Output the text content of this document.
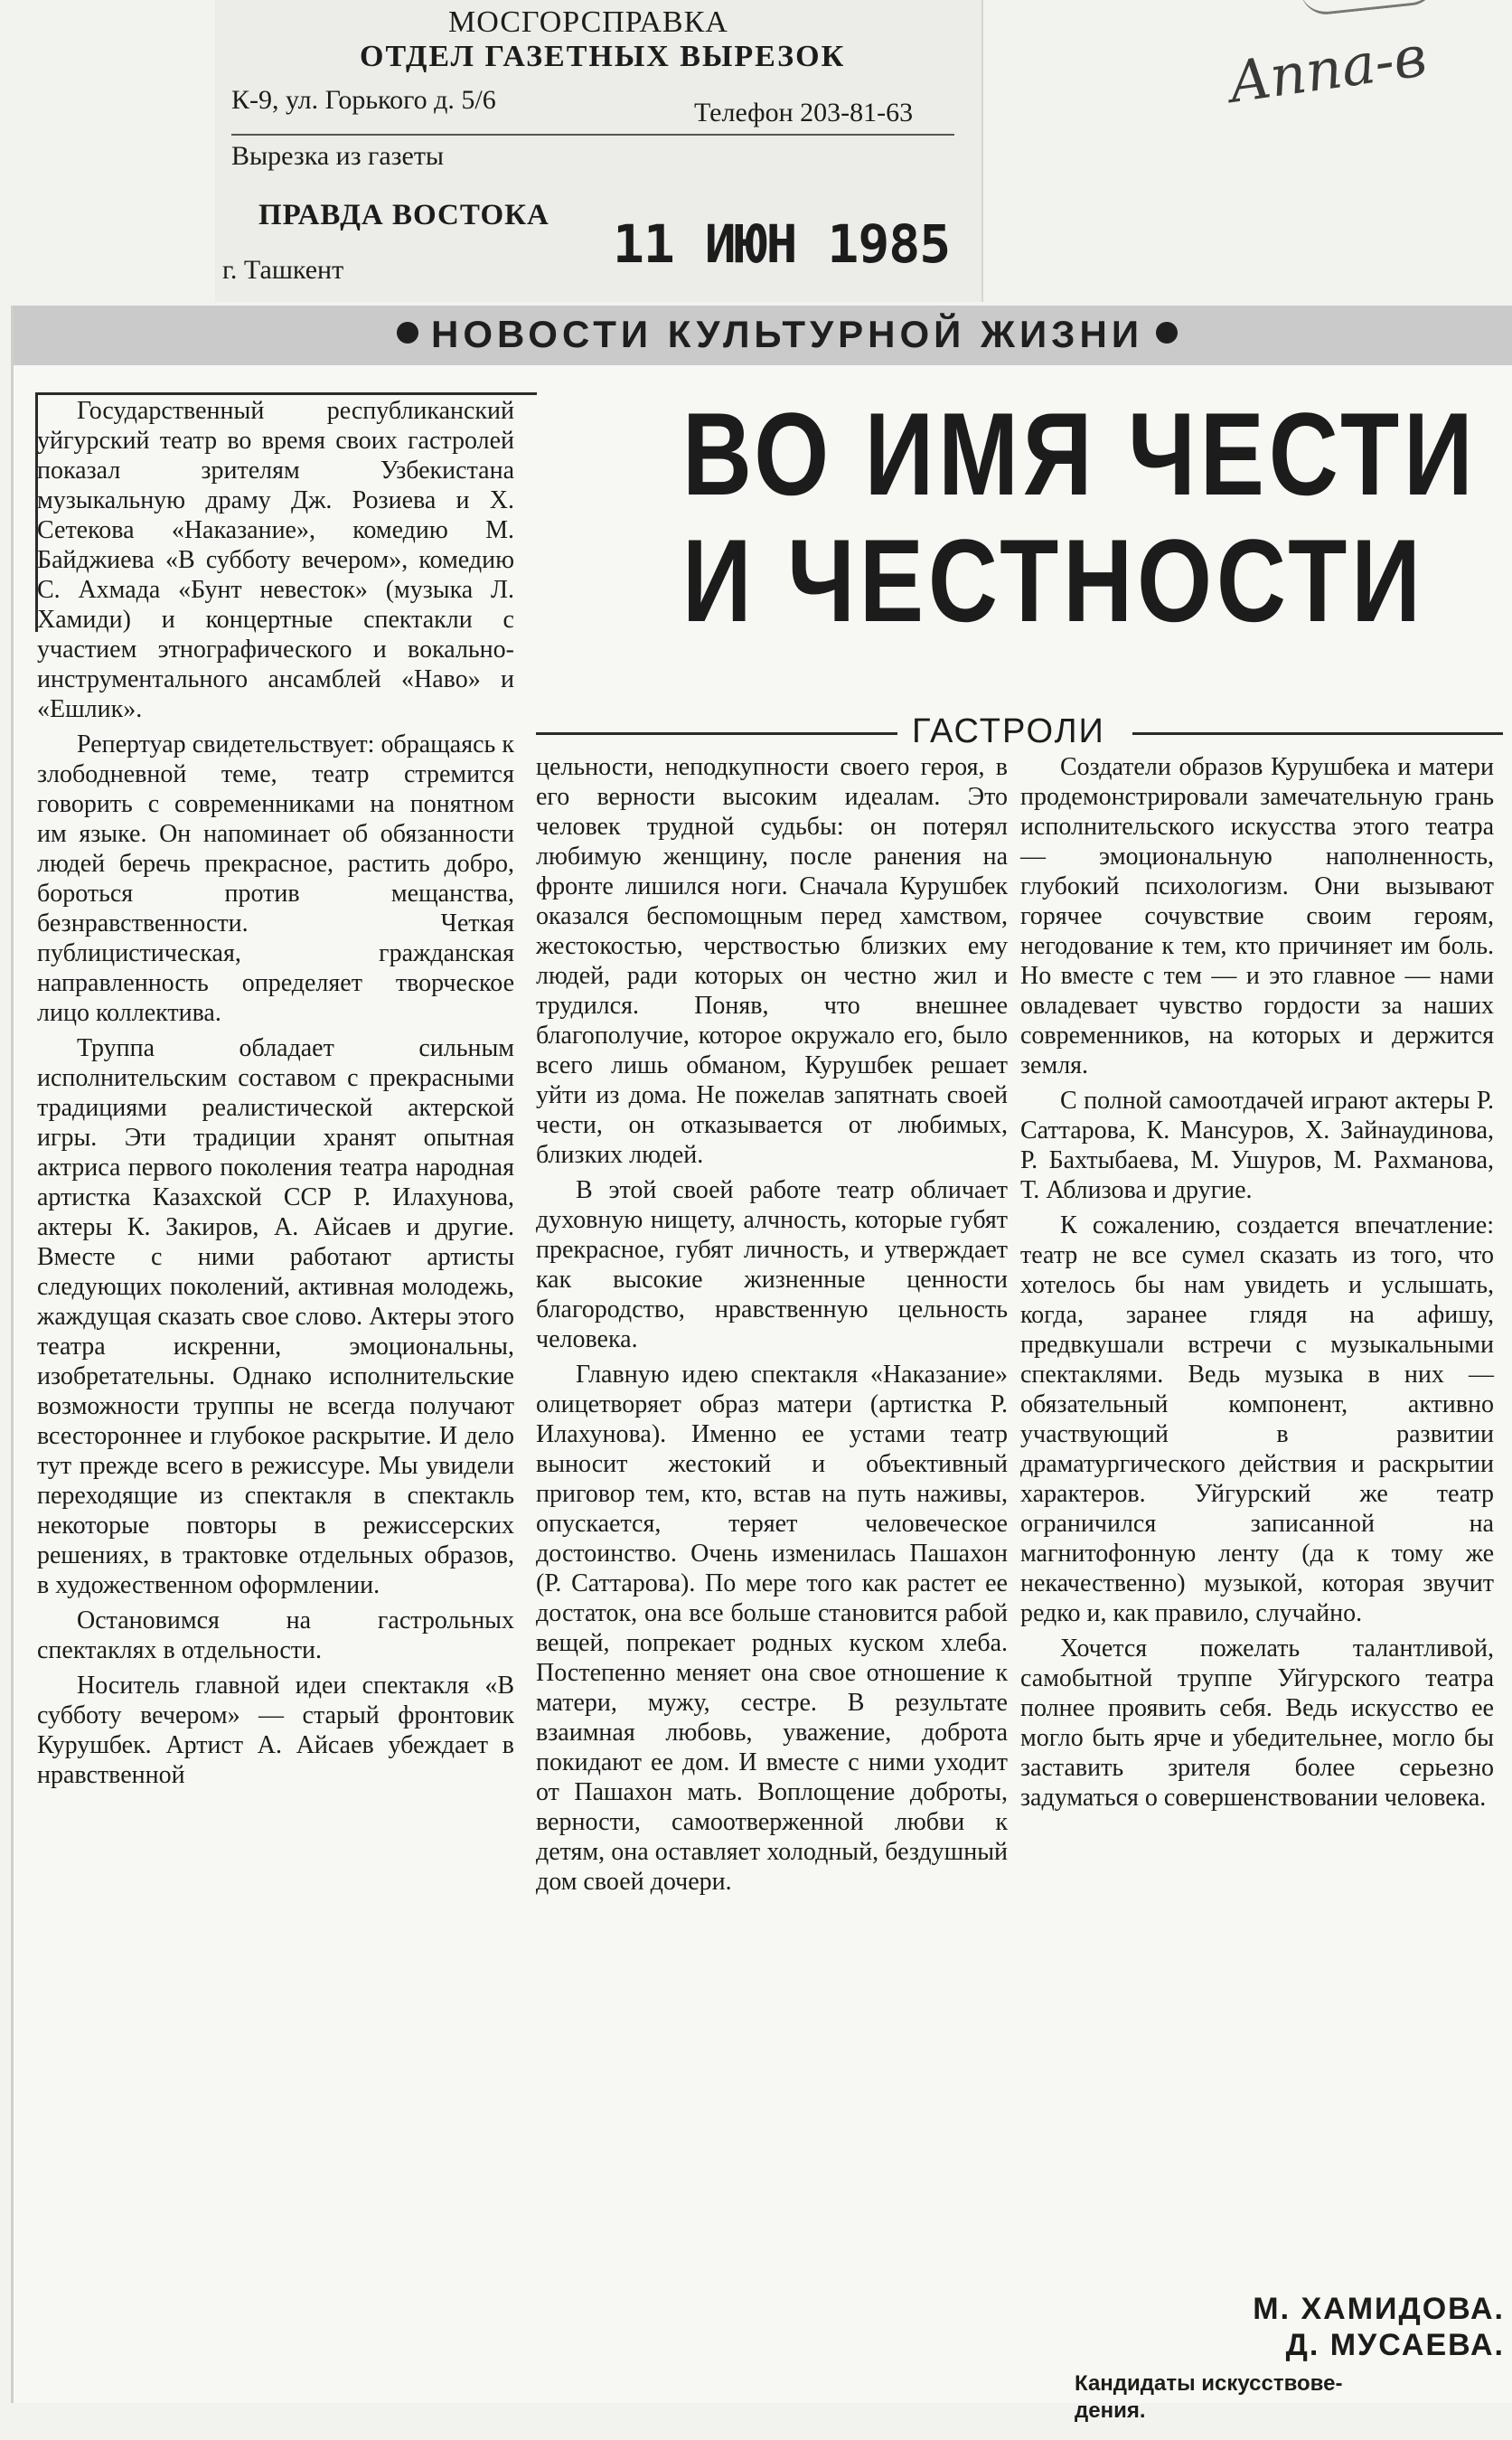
МОСГОРСПРАВКА
ОТДЕЛ ГАЗЕТНЫХ ВЫРЕЗОК
К-9, ул. Горького д. 5/6	Телефон 203-81-63
Вырезка из газеты
ПРАВДА ВОСТОКА 11 ИЮН 1985
г. Ташкент
Anna-в
НОВОСТИ КУЛЬТУРНОЙ ЖИЗНИ
ВО ИМЯ ЧЕСТИ
И ЧЕСТНОСТИ
ГАСТРОЛИ

Государственный республиканский уйгурский театр во время своих гастролей показал зрителям Узбекистана музыкальную драму Дж. Розиева и Х. Сетекова «Наказание», комедию М. Байджиева «В субботу вечером», комедию С. Ахмада «Бунт невесток» (музыка Л. Хамиди) и концертные спектакли с участием этнографического и вокально-инструментального ансамблей «Наво» и «Ешлик».

Репертуар свидетельствует: обращаясь к злободневной теме, театр стремится говорить с современниками на понятном им языке. Он напоминает об обязанности людей беречь прекрасное, растить добро, бороться против мещанства, безнравственности. Четкая публицистическая, гражданская направленность определяет творческое лицо коллектива.

Труппа обладает сильным исполнительским составом с прекрасными традициями реалистической актерской игры. Эти традиции хранят опытная актриса первого поколения театра народная артистка Казахской ССР Р. Илахунова, актеры К. Закиров, А. Айсаев и другие. Вместе с ними работают артисты следующих поколений, активная молодежь, жаждущая сказать свое слово. Актеры этого театра искренни, эмоциональны, изобретательны. Однако исполнительские возможности труппы не всегда получают всестороннее и глубокое раскрытие. И дело тут прежде всего в режиссуре. Мы увидели переходящие из спектакля в спектакль некоторые повторы в режиссерских решениях, в трактовке отдельных образов, в художественном оформлении.

Остановимся на гастрольных спектаклях в отдельности.

Носитель главной идеи спектакля «В субботу вечером» — старый фронтовик Курушбек. Артист А. Айсаев убеждает в нравственной

цельности, неподкупности своего героя, в его верности высоким идеалам. Это человек трудной судьбы: он потерял любимую женщину, после ранения на фронте лишился ноги. Сначала Курушбек оказался беспомощным перед хамством, жестокостью, черствостью близких ему людей, ради которых он честно жил и трудился. Поняв, что внешнее благополучие, которое окружало его, было всего лишь обманом, Курушбек решает уйти из дома. Не пожелав запятнать своей чести, он отказывается от любимых, близких людей.

В этой своей работе театр обличает духовную нищету, алчность, которые губят прекрасное, губят личность, и утверждает как высокие жизненные ценности благородство, нравственную цельность человека.

Главную идею спектакля «Наказание» олицетворяет образ матери (артистка Р. Илахунова). Именно ее устами театр выносит жестокий и объективный приговор тем, кто, встав на путь наживы, опускается, теряет человеческое достоинство. Очень изменилась Пашахон (Р. Саттарова). По мере того как растет ее достаток, она все больше становится рабой вещей, попрекает родных куском хлеба. Постепенно меняет она свое отношение к матери, мужу, сестре. В результате взаимная любовь, уважение, доброта покидают ее дом. И вместе с ними уходит от Пашахон мать. Воплощение доброты, верности, самоотверженной любви к детям, она оставляет холодный, бездушный дом своей дочери.

Создатели образов Курушбека и матери продемонстрировали замечательную грань исполнительского искусства этого театра — эмоциональную наполненность, глубокий психологизм. Они вызывают горячее сочувствие своим героям, негодование к тем, кто причиняет им боль. Но вместе с тем — и это главное — нами овладевает чувство гордости за наших современников, на которых и держится земля.

С полной самоотдачей играют актеры Р. Саттарова, К. Мансуров, Х. Зайнаудинова, Р. Бахтыбаева, М. Ушуров, М. Рахманова, Т. Аблизова и другие.

К сожалению, создается впечатление: театр не все сумел сказать из того, что хотелось бы нам увидеть и услышать, когда, заранее глядя на афишу, предвкушали встречи с музыкальными спектаклями. Ведь музыка в них — обязательный компонент, активно участвующий в развитии драматургического действия и раскрытии характеров. Уйгурский же театр ограничился записанной на магнитофонную ленту (да к тому же некачественно) музыкой, которая звучит редко и, как правило, случайно.

Хочется пожелать талантливой, самобытной труппе Уйгурского театра полнее проявить себя. Ведь искусство ее могло быть ярче и убедительнее, могло бы заставить зрителя более серьезно задуматься о совершенствовании человека.

М. ХАМИДОВА.
Д. МУСАЕВА.
Кандидаты искусствове-
дения.
